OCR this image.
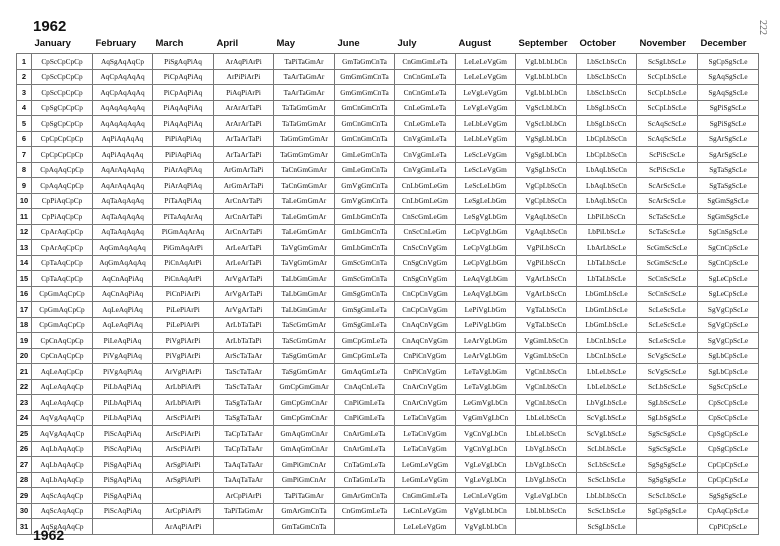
1962	222
	January	February	March	April	May	June	July	August	September	October	November	December
1	CpScCpCpCp	AqSgAqAqCp	PiSgAqPiAq	ArAqPiArPi	TaPiTaGmAr	GmTaGmCnTa	CnGmGmLeTa	LeLeLeVgGm	VgLbLbLbCn	LbScLbScCn	ScSgLbScLe	SgCpSgScLe
2	CpScCpCpCp	AqCpAqAqAq	PiCpAqPiAq	ArPiPiArPi	TaArTaGmAr	GmGmGmCnTa	CnCnGmLeTa	LeLeLeVgGm	VgLbLbLbCn	LbScLbScCn	ScCpLbScLe	SgAqSgScLe
3	CpScCpCpCp	AqCpAqAqAq	PiCpAqPiAq	PiAqPiArPi	TaArTaGmAr	GmGmGmCnTa	CnCnGmLeTa	LeVgLeVgGm	VgLbLbLbCn	LbScLbScCn	ScCpLbScLe	SgAqSgScLe
4	CpSgCpCpCp	AqAqAqAqAq	PiAqAqPiAq	ArArArTaPi	TaTaGmGmAr	GmCnGmCnTa	CnLeGmLeTa	LeVgLeVgGm	VgScLbLbCn	LbSgLbScCn	ScCpLbScLe	SgPiSgScLe
5	CpSgCpCpCp	AqAqAqAqAq	PiAqAqPiAq	ArArArTaPi	TaTaGmGmAr	GmCnGmCnTa	CnLeGmLeTa	LeLbLeVgGm	VgScLbLbCn	LbSgLbScCn	ScAqScScLe	SgPiSgScLe
6	CpCpCpCpCp	AqPiAqAqAq	PiPiAqPiAq	ArTaArTaPi	TaGmGmGmAr	GmCnGmCnTa	CnVgGmLeTa	LeLbLeVgGm	VgSgLbLbCn	LbCpLbScCn	ScAqScScLe	SgArSgScLe
7	CpCpCpCpCp	AqPiAqAqAq	PiPiAqPiAq	ArTaArTaPi	TaGmGmGmAr	GmLeGmCnTa	CnVgGmLeTa	LeScLeVgGm	VgSgLbLbCn	LbCpLbScCn	ScPiScScLe	SgArSgScLe
8	CpAqAqCpCp	AqArAqAqAq	PiArAqPiAq	ArGmArTaPi	TaCnGmGmAr	GmLeGmCnTa	CnVgGmLeTa	LeScLeVgGm	VgSgLbScCn	LbAqLbScCn	ScPiScScLe	SgTaSgScLe
9	CpAqAqCpCp	AqArAqAqAq	PiArAqPiAq	ArGmArTaPi	TaCnGmGmAr	GmVgGmCnTa	CnLbGmLeGm	LeScLeLbGm	VgCpLbScCn	LbAqLbScCn	ScArScScLe	SgTaSgScLe
10	CpPiAqCpCp	AqTaAqAqAq	PiTaAqPiAq	ArCnArTaPi	TaLeGmGmAr	GmVgGmCnTa	CnLbGmLeGm	LeSgLeLbGm	VgCpLbScCn	LbAqLbScCn	ScArScScLe	SgGmSgScLe
11	CpPiAqCpCp	AqTaAqAqAq	PiTaAqArAq	ArCnArTaPi	TaLeGmGmAr	GmLbGmCnTa	CnScGmLeGm	LeSgVgLbGm	VgAqLbScCn	LbPiLbScCn	ScTaScScLe	SgGmSgScLe
12	CpArAqCpCp	AqTaAqAqAq	PiGmAqArAq	ArCnArTaPi	TaLeGmGmAr	GmLbGmCnTa	CnScCnLeGm	LeCpVgLbGm	VgAqLbScCn	LbPiLbScLe	ScTaScScLe	SgCnSgScLe
13	CpArAqCpCp	AqGmAqAqAq	PiGmAqArPi	ArLeArTaPi	TaVgGmGmAr	GmLbGmCnTa	CnScCnVgGm	LeCpVgLbGm	VgPiLbScCn	LbArLbScLe	ScGmScScLe	SgCnCpScLe
14	CpTaAqCpCp	AqGmAqAqAq	PiCnAqArPi	ArLeArTaPi	TaVgGmGmAr	GmScGmCnTa	CnSgCnVgGm	LeCpVgLbGm	VgPiLbScCn	LbTaLbScLe	ScGmScScLe	SgCnCpScLe
15	CpTaAqCpCp	AqCnAqPiAq	PiCnAqArPi	ArVgArTaPi	TaLbGmGmAr	GmScGmCnTa	CnSgCnVgGm	LeAqVgLbGm	VgArLbScCn	LbTaLbScLe	ScCnScScLe	SgLeCpScLe
16	CpGmAqCpCp	AqCnAqPiAq	PiCnPiArPi	ArVgArTaPi	TaLbGmGmAr	GmSgGmCnTa	CnCpCnVgGm	LeAqVgLbGm	VgArLbScCn	LbGmLbScLe	ScCnScScLe	SgLeCpScLe
17	CpGmAqCpCp	AqLeAqPiAq	PiLePiArPi	ArVgArTaPi	TaLbGmGmAr	GmSgGmLeTa	CnCpCnVgGm	LePiVgLbGm	VgTaLbScCn	LbGmLbScLe	ScLeScScLe	SgVgCpScLe
18	CpGmAqCpCp	AqLeAqPiAq	PiLePiArPi	ArLbTaTaPi	TaScGmGmAr	GmSgGmLeTa	CnAqCnVgGm	LePiVgLbGm	VgTaLbScCn	LbGmLbScLe	ScLeScScLe	SgVgCpScLe
19	CpCnAqCpCp	PiLeAqPiAq	PiVgPiArPi	ArLbTaTaPi	TaScGmGmAr	GmCpGmLeTa	CnAqCnVgGm	LeArVgLbGm	VgGmLbScCn	LbCnLbScLe	ScLeScScLe	SgVgCpScLe
20	CpCnAqCpCp	PiVgAqPiAq	PiVgPiArPi	ArScTaTaAr	TaSgGmGmAr	GmCpGmLeTa	CnPiCnVgGm	LeArVgLbGm	VgGmLbScCn	LbCnLbScLe	ScVgScScLe	SgLbCpScLe
21	AqLeAqCpCp	PiVgAqPiAq	ArVgPiArPi	TaScTaTaAr	TaSgGmGmAr	GmAqGmLeTa	CnPiCnVgGm	LeTaVgLbGm	VgCnLbScCn	LbLeLbScLe	ScVgScScLe	SgLbCpScLe
22	AqLeAqAqCp	PiLbAqPiAq	ArLbPiArPi	TaScTaTaAr	GmCpGmGmAr	CnAqCnLeTa	CnArCnVgGm	LeTaVgLbGm	VgCnLbScCn	LbLeLbScLe	ScLbScScLe	SgScCpScLe
23	AqLeAqAqCp	PiLbAqPiAq	ArLbPiArPi	TaSgTaTaAr	GmCpGmCnAr	CnPiGmLeTa	CnArCnVgGm	LeGmVgLbCn	VgCnLbScCn	LbVgLbScLe	SgLbScScLe	CpScCpScLe
24	AqVgAqAqCp	PiLbAqPiAq	ArScPiArPi	TaSgTaTaAr	GmCpGmCnAr	CnPiGmLeTa	LeTaCnVgGm	VgGmVgLbCn	LbLeLbScCn	ScVgLbScLe	SgLbSgScLe	CpScCpScLe
25	AqVgAqAqCp	PiScAqPiAq	ArScPiArPi	TaCpTaTaAr	GmAqGmCnAr	CnArGmLeTa	LeTaCnVgGm	VgCnVgLbCn	LbLeLbScCn	ScVgLbScLe	SgScSgScLe	CpSgCpScLe
26	AqLbAqAqCp	PiScAqPiAq	ArScPiArPi	TaCpTaTaAr	GmAqGmCnAr	CnArGmLeTa	LeTaCnVgGm	VgCnVgLbCn	LbVgLbScCn	ScLbLbScLe	SgScSgScLe	CpSgCpScLe
27	AqLbAqAqCp	PiSgAqPiAq	ArSgPiArPi	TaAqTaTaAr	GmPiGmCnAr	CnTaGmLeTa	LeGmLeVgGm	VgLeVgLbCn	LbVgLbScCn	ScLbScScLe	SgSgSgScLe	CpCpCpScLe
28	AqLbAqAqCp	PiSgAqPiAq	ArSgPiArPi	TaAqTaTaAr	GmPiGmCnAr	CnTaGmLeTa	LeGmLeVgGm	VgLeVgLbCn	LbVgLbScCn	ScScLbScLe	SgSgSgScLe	CpCpCpScLe
29	AqScAqAqCp	PiSgAqPiAq		ArCpPiArPi	TaPiTaGmAr	GmArGmCnTa	CnGmGmLeTa	LeCnLeVgGm	VgLeVgLbCn	LbLbLbScCn	ScScLbScLe	SgSgSgScLe
30	AqScAqAqCp	PiScAqPiAq	ArCpPiArPi	TaPiTaGmAr	GmArGmCnTa	CnGmGmLeTa	LeCnLeVgGm	VgVgLbLbCn	LbLbLbScCn	ScScLbScLe	SgCpSgScLe	CpAqCpScLe
31	AqSgAqAqCp		ArAqPiArPi		GmTaGmCnTa		LeLeLeVgGm	VgVgLbLbCn		ScSgLbScLe		CpPiCpScLe
1962
